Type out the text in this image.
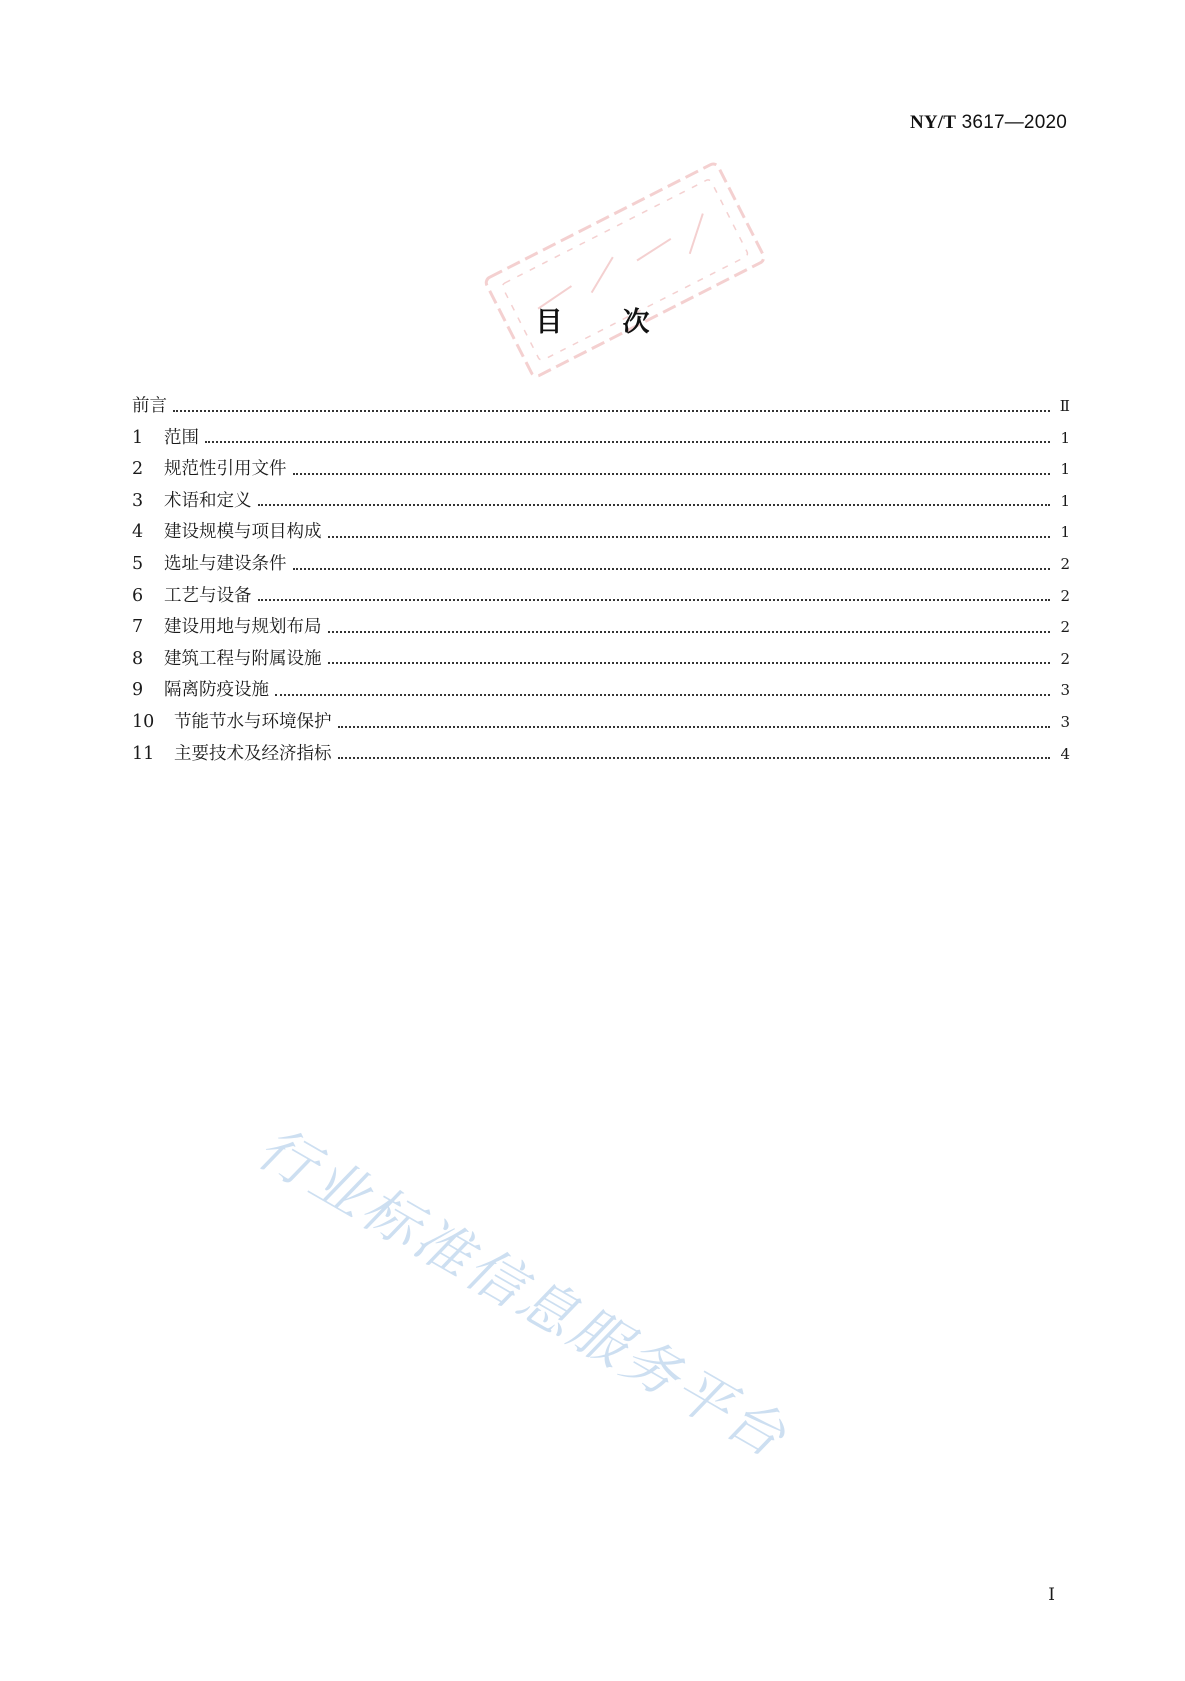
NY/T 3617—2020
目次
前言	Ⅱ
1	范围	1
2	规范性引用文件	1
3	术语和定义	1
4	建设规模与项目构成	1
5	选址与建设条件	2
6	工艺与设备	2
7	建设用地与规划布局	2
8	建筑工程与附属设施	2
9	隔离防疫设施	3
10	节能节水与环境保护	3
11	主要技术及经济指标	4
行业标准信息服务平台
I
